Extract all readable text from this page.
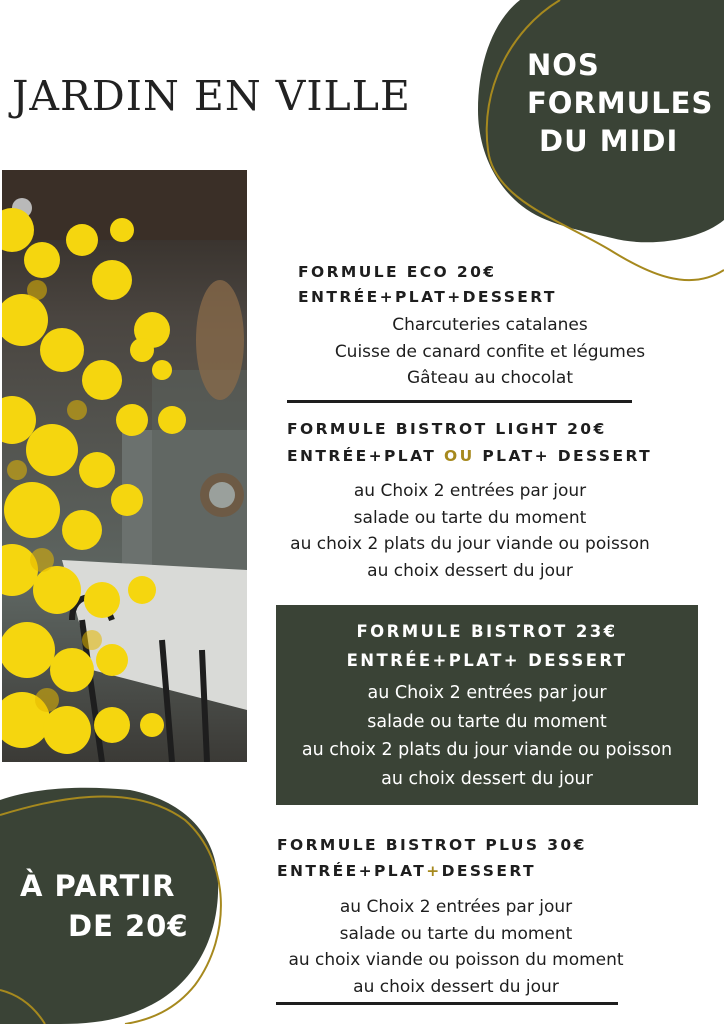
JARDIN EN VILLE
NOS
FORMULES
DU MIDI
FORMULE ECO 20€
ENTRÉE+PLAT+DESSERT
Charcuteries catalanes
Cuisse de canard confite et légumes
Gâteau au chocolat
FORMULE BISTROT LIGHT 20€
ENTRÉE+PLAT OU PLAT+ DESSERT
au Choix 2 entrées par jour
salade ou tarte du moment
au choix 2 plats du jour viande ou poisson
au choix dessert du jour
FORMULE BISTROT 23€
ENTRÉE+PLAT+ DESSERT
au Choix 2 entrées par jour
salade ou tarte du moment
au choix 2 plats du jour viande ou poisson
au choix dessert du jour
FORMULE BISTROT PLUS 30€
ENTRÉE+PLAT+DESSERT
au Choix 2 entrées par jour
salade ou tarte du moment
au choix viande ou poisson du moment
au choix dessert du jour
À PARTIR
DE 20€
